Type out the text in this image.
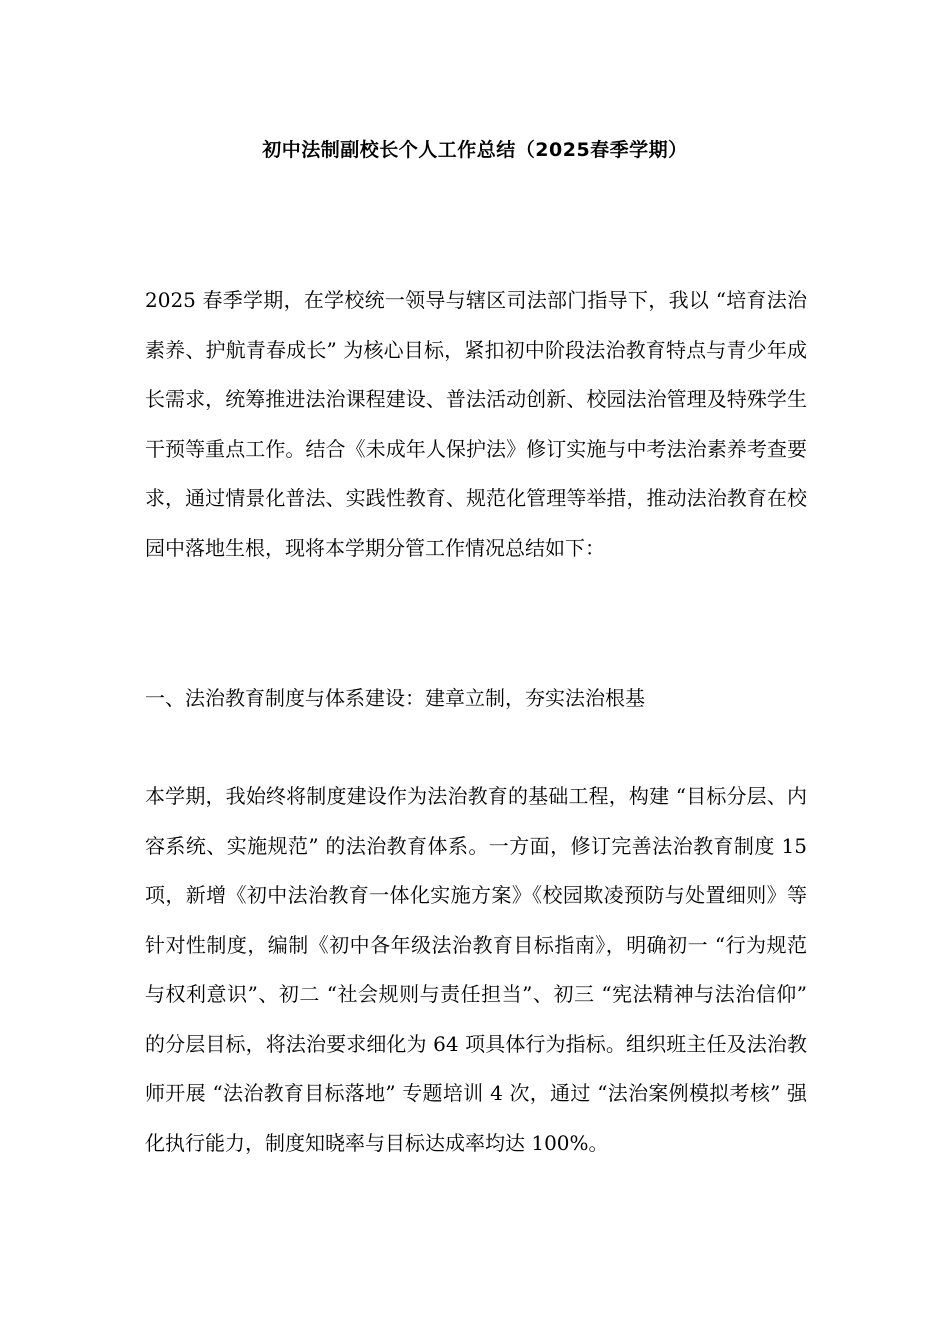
初中法制副校长个人工作总结（2025春季学期）

2025 春季学期，在学校统一领导与辖区司法部门指导下，我以 “培育法治素养、护航青春成长” 为核心目标，紧扣初中阶段法治教育特点与青少年成长需求，统筹推进法治课程建设、普法活动创新、校园法治管理及特殊学生干预等重点工作。结合《未成年人保护法》修订实施与中考法治素养考查要求，通过情景化普法、实践性教育、规范化管理等举措，推动法治教育在校园中落地生根，现将本学期分管工作情况总结如下：

一、法治教育制度与体系建设：建章立制，夯实法治根基

本学期，我始终将制度建设作为法治教育的基础工程，构建 “目标分层、内容系统、实施规范” 的法治教育体系。一方面，修订完善法治教育制度 15 项，新增《初中法治教育一体化实施方案》《校园欺凌预防与处置细则》等针对性制度，编制《初中各年级法治教育目标指南》，明确初一 “行为规范与权利意识”、初二 “社会规则与责任担当”、初三 “宪法精神与法治信仰” 的分层目标，将法治要求细化为 64 项具体行为指标。组织班主任及法治教师开展 “法治教育目标落地” 专题培训 4 次，通过 “法治案例模拟考核” 强化执行能力，制度知晓率与目标达成率均达 100%。
